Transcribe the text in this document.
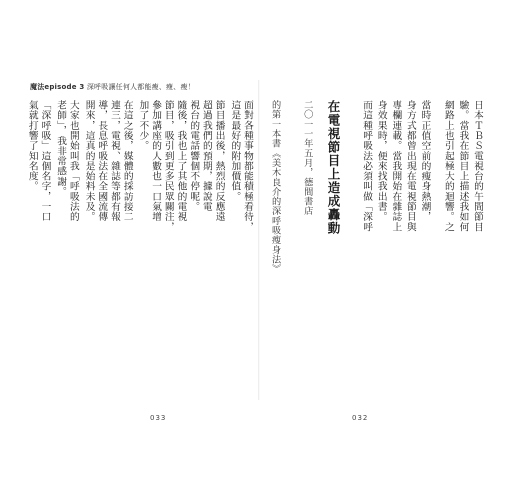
魔法episode 3 深呼吸讓任何人都能瘦、瘦、瘦！
面對各種事物都能積極看待，
這是最好的附加價值。
節目播出後，熱烈的反應遠
超過我們的預期，據說電
視台的電話響個不停呢。
隨後，我也上了其他的電視
節目，吸引到更多民眾關注，
參加講座的人數也一口氣增
加了不少。
在這之後，媒體的採訪接二
連三，電視、雜誌等都有報
導，長息呼吸法在全國流傳
開來，這真的是始料未及。
大家也開始叫我「呼吸法的
老師」，我非常感謝。
「深呼吸」這個名字，一口
氣就打響了知名度。	日本ＴＢＳ電視台的午間節目
驗。當我在節目上描述我如何
網路上也引起極大的迴響。之
當時正值空前的瘦身熱潮，
身方式都曾出現在電視節目與
專欄連載。當我開始在雜誌上
身效果時，便來找我出書。
而這種呼吸法必須叫做「深呼
在電視節目上造成轟動
二〇一一年五月，德間書店
的第一本書《美木良介的深呼吸瘦身法》
033	032
